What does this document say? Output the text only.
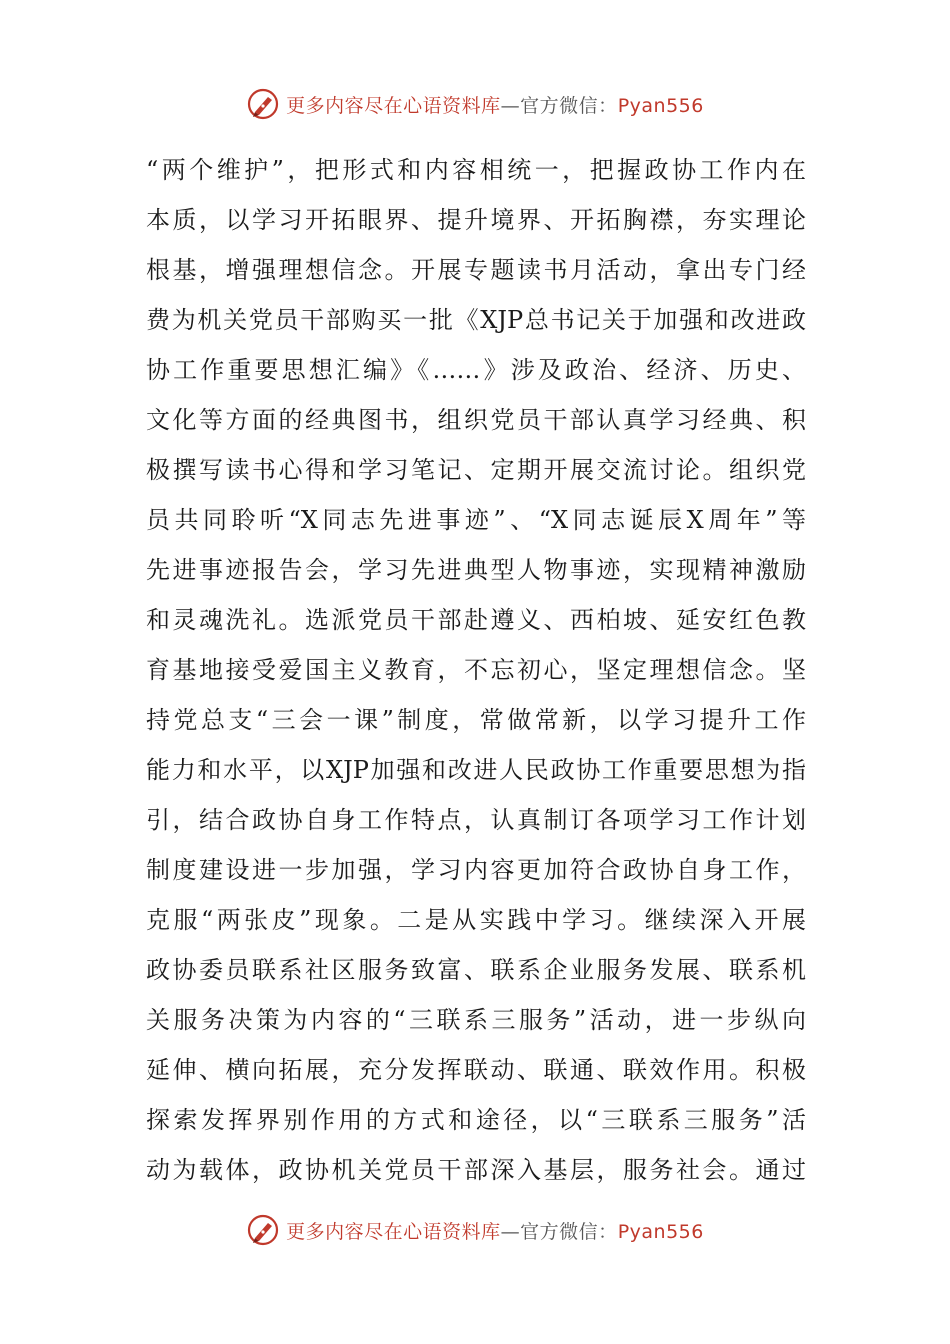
更多内容尽在心语资料库—官方微信：Pyan556
“两个维护”，把形式和内容相统一，把握政协工作内在
本质，以学习开拓眼界、提升境界、开拓胸襟，夯实理论
根基，增强理想信念。开展专题读书月活动，拿出专门经
费为机关党员干部购买一批《XJP总书记关于加强和改进政
协工作重要思想汇编》《……》涉及政治、经济、历史、
文化等方面的经典图书，组织党员干部认真学习经典、积
极撰写读书心得和学习笔记、定期开展交流讨论。组织党
员共同聆听“X同志先进事迹”、“X同志诞辰X周年”等
先进事迹报告会，学习先进典型人物事迹，实现精神激励
和灵魂洗礼。选派党员干部赴遵义、西柏坡、延安红色教
育基地接受爱国主义教育，不忘初心，坚定理想信念。坚
持党总支“三会一课”制度，常做常新，以学习提升工作
能力和水平，以XJP加强和改进人民政协工作重要思想为指
引，结合政协自身工作特点，认真制订各项学习工作计划
制度建设进一步加强，学习内容更加符合政协自身工作，
克服“两张皮”现象。二是从实践中学习。继续深入开展
政协委员联系社区服务致富、联系企业服务发展、联系机
关服务决策为内容的“三联系三服务”活动，进一步纵向
延伸、横向拓展，充分发挥联动、联通、联效作用。积极
探索发挥界别作用的方式和途径，以“三联系三服务”活
动为载体，政协机关党员干部深入基层，服务社会。通过
更多内容尽在心语资料库—官方微信：Pyan556
